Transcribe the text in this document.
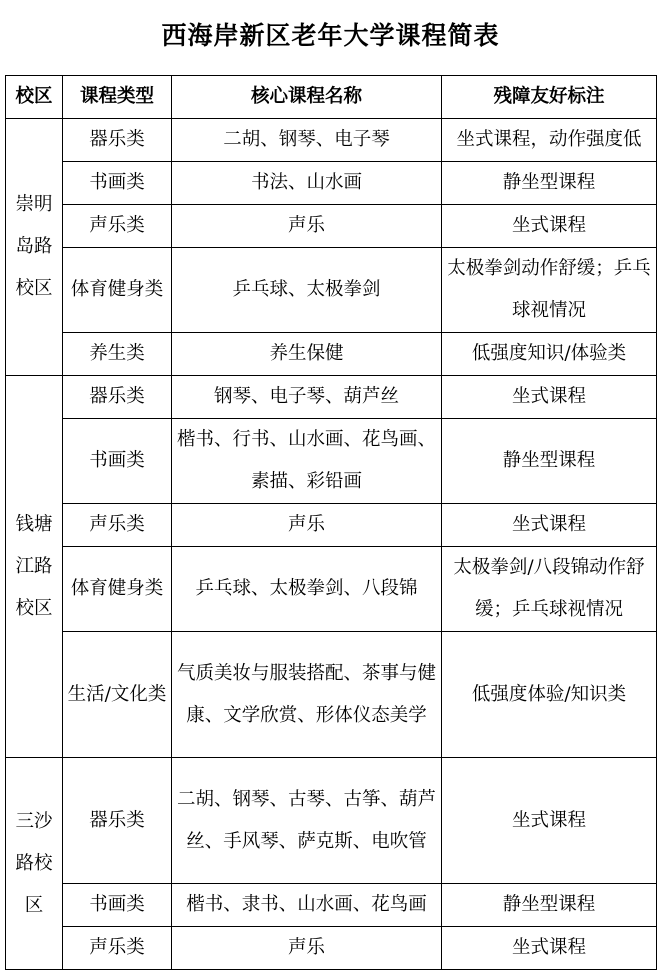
西海岸新区老年大学课程简表
校区	课程类型	核心课程名称	残障友好标注

崇明
岛路
校区	器乐类	二胡、钢琴、电子琴	坐式课程，动作强度低
	书画类	书法、山水画	静坐型课程
	声乐类	声乐	坐式课程
	体育健身类	乒乓球、太极拳剑	太极拳剑动作舒缓；乒乓球视情况
	养生类	养生保健	低强度知识/体验类

钱塘
江路
校区	器乐类	钢琴、电子琴、葫芦丝	坐式课程
	书画类	楷书、行书、山水画、花鸟画、素描、彩铅画	静坐型课程
	声乐类	声乐	坐式课程
	体育健身类	乒乓球、太极拳剑、八段锦	太极拳剑/八段锦动作舒缓；乒乓球视情况
	生活/文化类	气质美妆与服装搭配、茶事与健康、文学欣赏、形体仪态美学	低强度体验/知识类

三沙
路校
区	器乐类	二胡、钢琴、古琴、古筝、葫芦丝、手风琴、萨克斯、电吹管	坐式课程
	书画类	楷书、隶书、山水画、花鸟画	静坐型课程
	声乐类	声乐	坐式课程
